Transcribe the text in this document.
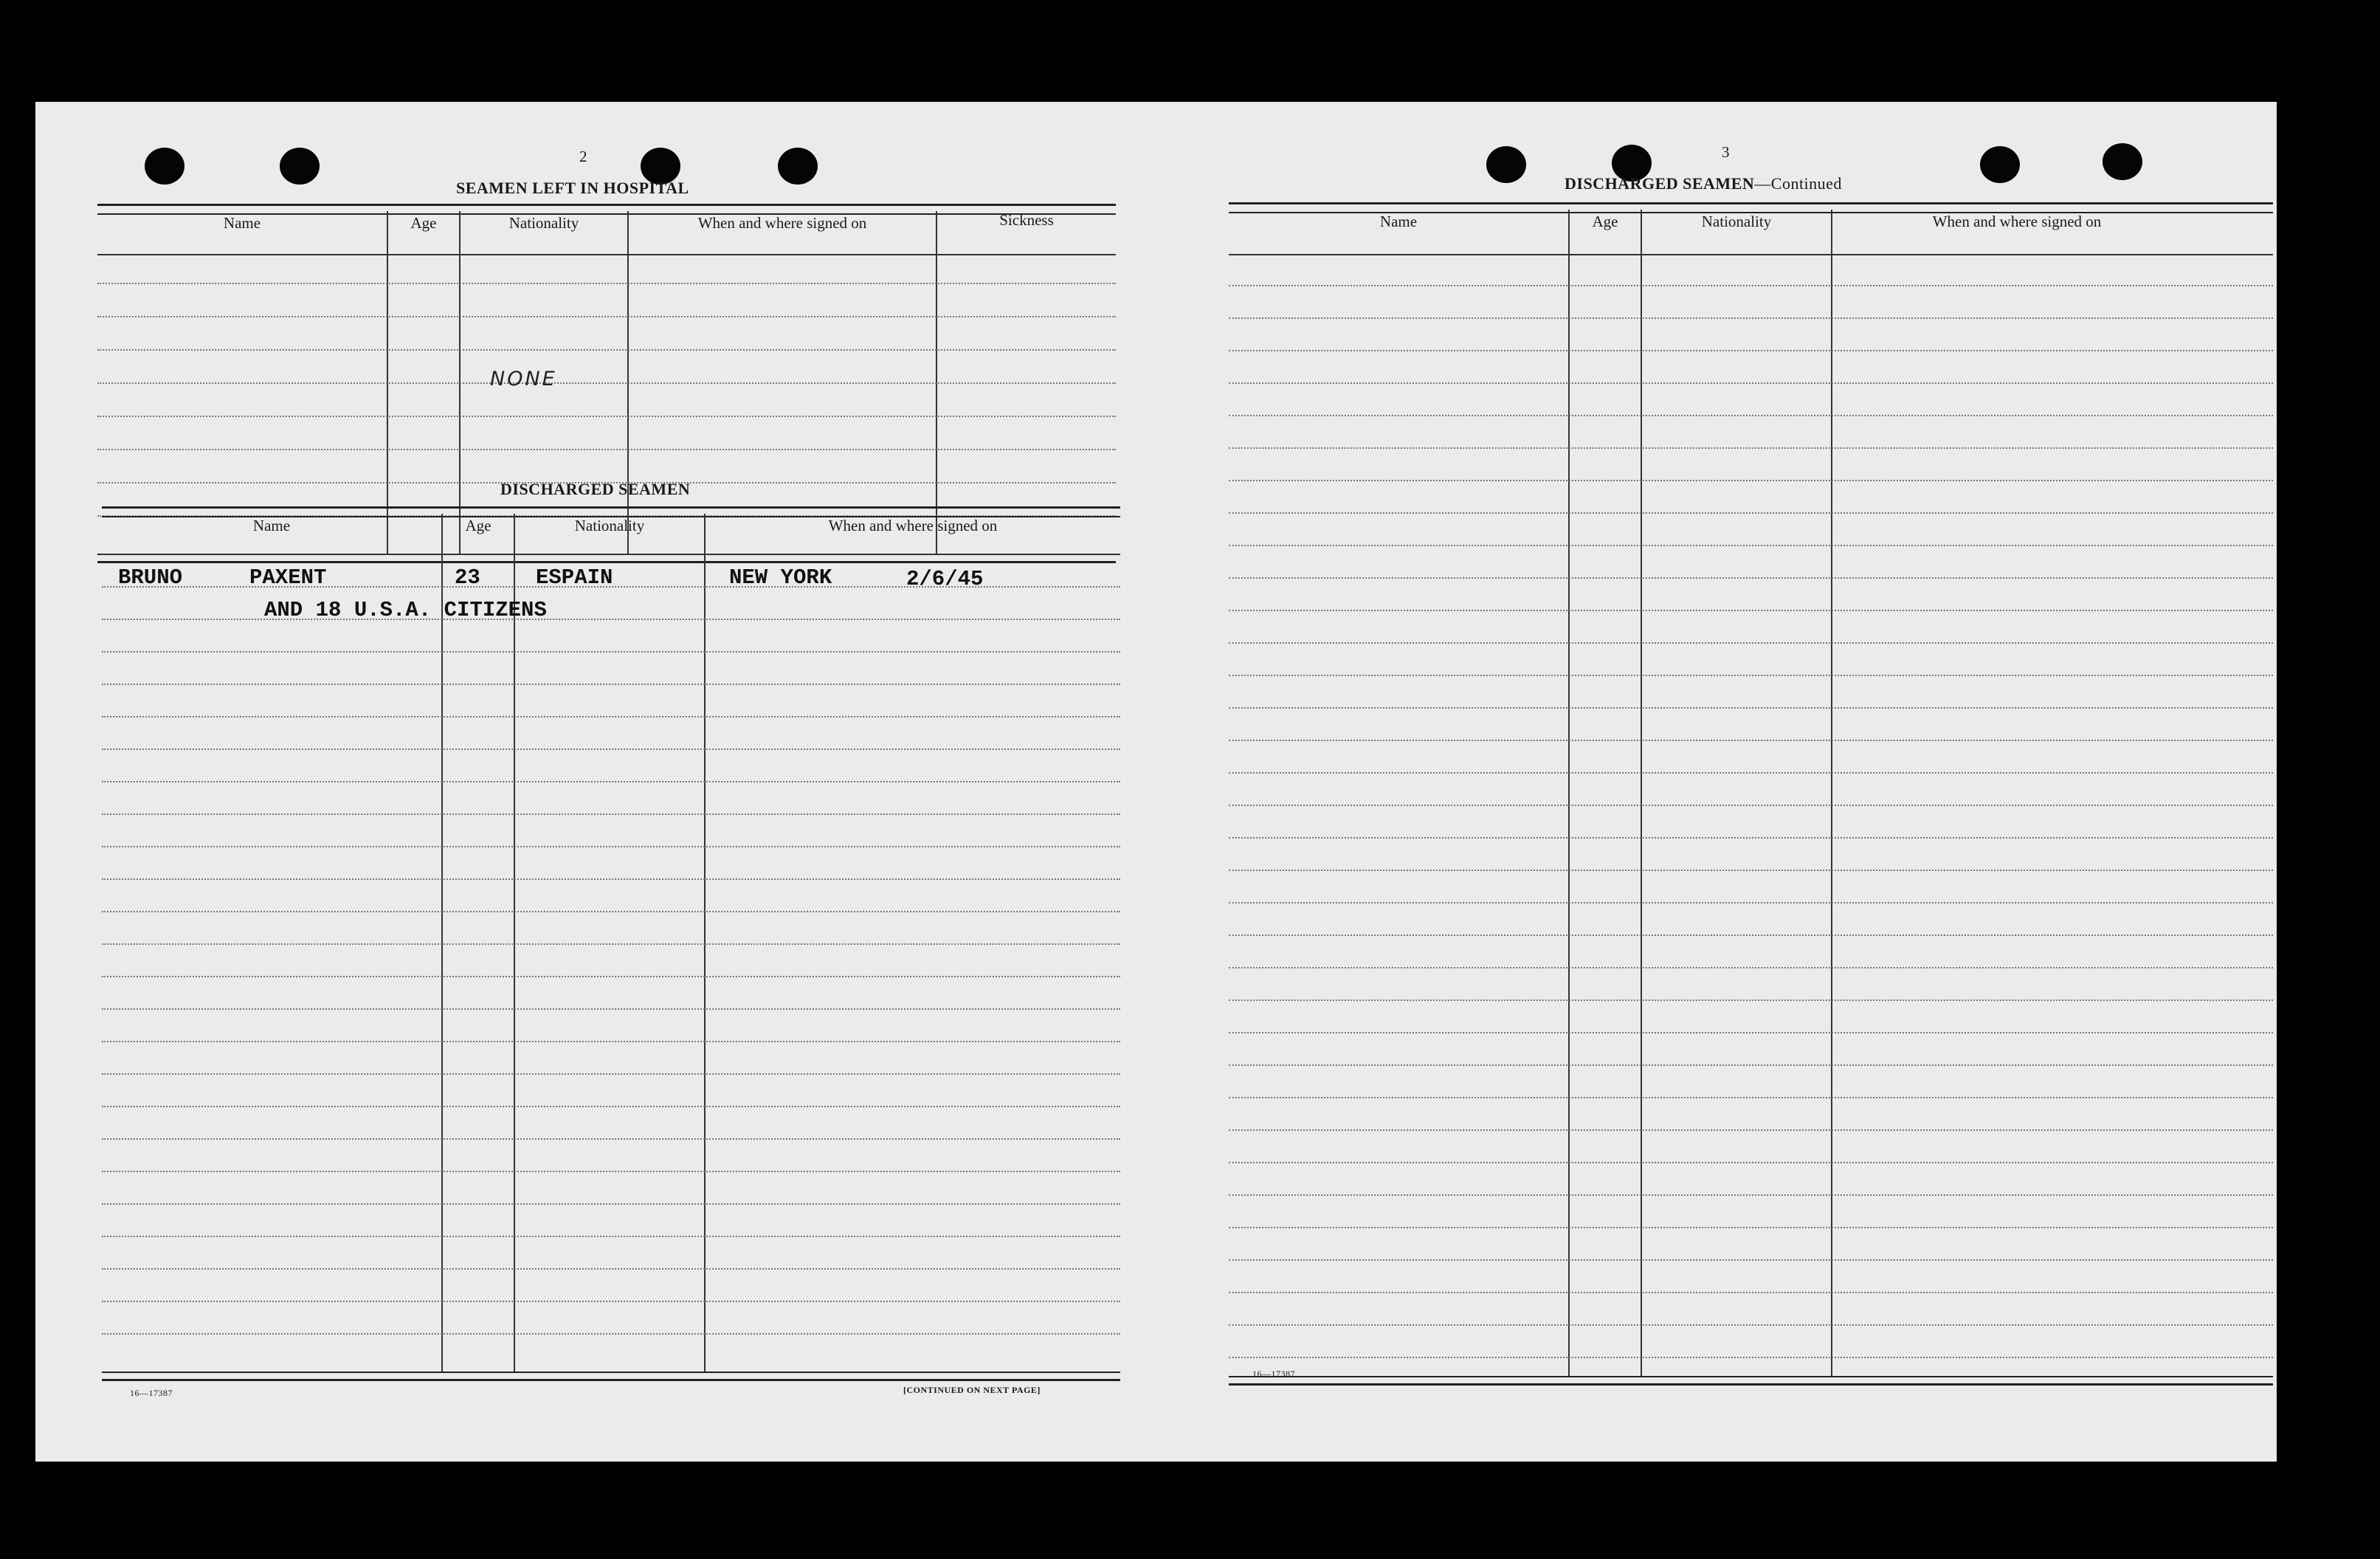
2
SEAMEN LEFT IN HOSPITAL
Name	Age	Nationality	When and where signed on	Sickness
NONE
DISCHARGED SEAMEN
Name	Age	Nationality	When and where signed on
BRUNO	PAXENT	23	ESPAIN	NEW YORK	2/6/45
AND 18 U.S.A. CITIZENS
16—17387	[CONTINUED ON NEXT PAGE]
3
DISCHARGED SEAMEN—Continued
Name	Age	Nationality	When and where signed on
16—17387
